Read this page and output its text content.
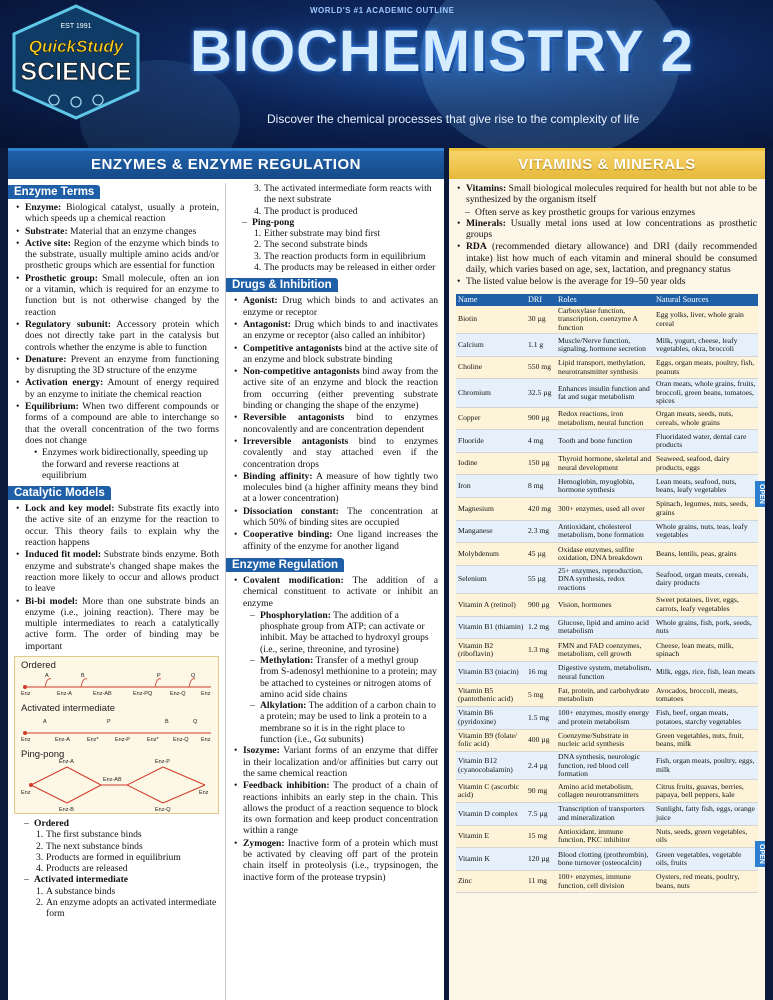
EST 1991
QuickStudy
SCIENCE
WORLD'S #1 ACADEMIC OUTLINE
BIOCHEMISTRY 2
Discover the chemical processes that give rise to the complexity of life
ENZYMES & ENZYME REGULATION
Enzyme Terms
• Enzyme: Biological catalyst, usually a protein, which speeds up a chemical reaction
• Substrate: Material that an enzyme changes
• Active site: Region of the enzyme which binds to the substrate, usually multiple amino acids and/or prosthetic groups which are essential for function
• Prosthetic group: Small molecule, often an ion or a vitamin, which is required for an enzyme to function but is not otherwise changed by the reaction
• Regulatory subunit: Accessory protein which does not directly take part in the catalysis but controls whether the enzyme is able to function
• Denature: Prevent an enzyme from functioning by disrupting the 3D structure of the enzyme
• Activation energy: Amount of energy required by an enzyme to initiate the chemical reaction
• Equilibrium: When two different compounds or forms of a compound are able to interchange so that the overall concentration of the two forms does not change
• Enzymes work bidirectionally, speeding up the forward and reverse reactions at equilibrium
Catalytic Models
• Lock and key model: Substrate fits exactly into the active site of an enzyme for the reaction to occur. This theory fails to explain why the reaction happens
• Induced fit model: Substrate binds enzyme. Both enzyme and substrate's changed shape makes the reaction more likely to occur and allows product to leave
• Bi-bi model: More than one substrate binds an enzyme (i.e., joining reaction). There may be multiple intermediates to reach a catalytically active form. The order of binding may be important
Ordered
Activated intermediate
Ping-pong
Enz	Enz-A	Enz-AB	Enz-PQ	Enz-Q	Enz
A	B	P	Q
Enz	Enz-A	Enz*	Enz-P	Enz*	Enz-Q Enz
A	P	B	Q
Enz
Enz-A
Enz-B
Enz-AB
Enz-P
Enz-Q
Enz
– Ordered
1. The first substance binds
2. The next substance binds
3. Products are formed in equilibrium
4. Products are released
– Activated intermediate
1. A substance binds
2. An enzyme adopts an activated intermediate form
3. The activated intermediate form reacts with the next substrate
4. The product is produced
– Ping-pong
1. Either substrate may bind first
2. The second substrate binds
3. The reaction products form in equilibrium
4. The products may be released in either order
Drugs & Inhibition
• Agonist: Drug which binds to and activates an enzyme or receptor
• Antagonist: Drug which binds to and inactivates an enzyme or receptor (also called an inhibitor)
• Competitive antagonists bind at the active site of an enzyme and block substrate binding
• Non-competitive antagonists bind away from the active site of an enzyme and block the reaction from occurring (either preventing substrate binding or changing the shape of the enzyme)
• Reversible antagonists bind to enzymes noncovalently and are concentration dependent
• Irreversible antagonists bind to enzymes covalently and stay attached even if the concentration drops
• Binding affinity: A measure of how tightly two molecules bind (a higher affinity means they bind at a lower concentration)
• Dissociation constant: The concentration at which 50% of binding sites are occupied
• Cooperative binding: One ligand increases the affinity of the enzyme for another ligand
Enzyme Regulation
• Covalent modification: The addition of a chemical constituent to activate or inhibit an enzyme
– Phosphorylation: The addition of a phosphate group from ATP; can activate or inhibit. May be attached to hydroxyl groups (i.e., serine, threonine, and tyrosine)
– Methylation: Transfer of a methyl group from S-adenosyl methionine to a protein; may be attached to cysteines or nitrogen atoms of amino acid side chains
– Alkylation: The addition of a carbon chain to a protein; may be used to link a protein to a membrane so it is in the right place to function (i.e., Gα subunits)
• Isozyme: Variant forms of an enzyme that differ in their localization and/or affinities but carry out the same chemical reaction
• Feedback inhibition: The product of a chain of reactions inhibits an early step in the chain. This allows the product of a reaction sequence to block its own formation and keep product concentration within a range
• Zymogen: Inactive form of a protein which must be activated by cleaving off part of the protein chain itself in proteolysis (i.e., trypsinogen, the inactive form of the protease trypsin)
VITAMINS & MINERALS
• Vitamins: Small biological molecules required for health but not able to be synthesized by the organism itself
– Often serve as key prosthetic groups for various enzymes
• Minerals: Usually metal ions used at low concentrations as prosthetic groups
• RDA (recommended dietary allowance) and DRI (daily recommended intake) list how much of each vitamin and mineral should be consumed daily, which varies based on age, sex, lactation, and pregnancy status
• The listed value below is the average for 19–50 year olds
Name	DRI	Roles	Natural Sources
Biotin	30 µg	Carboxylase function, transcription, coenzyme A function	Egg yolks, liver, whole grain cereal
Calcium	1.1 g	Muscle/Nerve function, signaling, hormone secretion	Milk, yogurt, cheese, leafy vegetables, okra, broccoli
Choline	550 mg	Lipid transport, methylation, neurotransmitter synthesis	Eggs, organ meats, poultry, fish, peanuts
Chromium	32.5 µg	Enhances insulin function and fat and sugar metabolism	Oran meats, whole grains, fruits, broccoli, green beans, tomatoes, spices
Copper	900 µg	Redox reactions, iron metabolism, neural function	Organ meats, seeds, nuts, cereals, whole grains
Fluoride	4 mg	Tooth and bone function	Fluoridated water, dental care products
Iodine	150 µg	Thyroid hormone, skeletal and neural development	Seaweed, seafood, dairy products, eggs
Iron	8 mg	Hemoglobin, myoglobin, hormone synthesis	Lean meats, seafood, nuts, beans, leafy vegetables
Magnesium	420 mg	300+ enzymes, used all over	Spinach, legumes, nuts, seeds, grains
Manganese	2.3 mg	Antioxidant, cholesterol metabolism, bone formation	Whole grains, nuts, teas, leafy vegetables
Molybdenum	45 µg	Oxidase enzymes, sulfite oxidation, DNA breakdown	Beans, lentils, peas, grains
Selenium	55 µg	25+ enzymes, reproduction, DNA synthesis, redox reactions	Seafood, organ meats, cereals, dairy products
Vitamin A (retinol)	900 µg	Vision, hormones	Sweet potatoes, liver, eggs, carrots, leafy vegetables
Vitamin B1 (thiamin)	1.2 mg	Glucose, lipid and amino acid metabolism	Whole grains, fish, pork, seeds, nuts
Vitamin B2 (riboflavin)	1.3 mg	FMN and FAD coenzymes, metabolism, cell growth	Cheese, lean meats, milk, spinach
Vitamin B3 (niacin)	16 mg	Digestive system, metabolism, neural function	Milk, eggs, rice, fish, lean meats
Vitamin B5 (pantothenic acid)	5 mg	Fat, protein, and carbohydrate metabolism	Avocados, broccoli, meats, tomatoes
Vitamin B6 (pyridoxine)	1.5 mg	100+ enzymes, mostly energy and protein metabolism	Fish, beef, organ meats, potatoes, starchy vegetables
Vitamin B9 (folate/ folic acid)	400 µg	Coenzyme/Substrate in nucleic acid synthesis	Green vegetables, nuts, fruit, beans, milk
Vitamin B12 (cyanocobalamin)	2.4 µg	DNA synthesis, neurologic function, red blood cell formation	Fish, organ meats, poultry, eggs, milk
Vitamin C (ascorbic acid)	90 mg	Amino acid metabolism, collagen neurotransmitters	Citrus fruits, guavas, berries, papaya, bell peppers, kale
Vitamin D complex	7.5 µg	Transcription of transporters and mineralization	Sunlight, fatty fish, eggs, orange juice
Vitamin E	15 mg	Antioxidant, immune function, PKC inhibitor	Nuts, seeds, green vegetables, oils
Vitamin K	120 µg	Blood clotting (prothrombin), bone turnover (osteocalcin)	Green vegetables, vegetable oils, fruits
Zinc	11 mg	100+ enzymes, immune function, cell division	Oysters, red meats, poultry, beans, nuts
OPEN
OPEN
